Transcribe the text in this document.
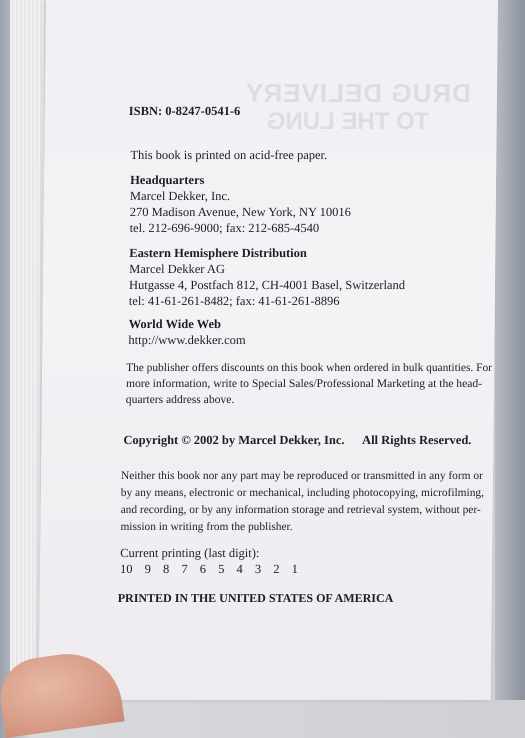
DRUG DELIVERY
TO THE LUNG
ISBN: 0-8247-0541-6
This book is printed on acid-free paper.
Headquarters
Marcel Dekker, Inc.
270 Madison Avenue, New York, NY 10016
tel. 212-696-9000; fax: 212-685-4540
Eastern Hemisphere Distribution
Marcel Dekker AG
Hutgasse 4, Postfach 812, CH-4001 Basel, Switzerland
tel: 41-61-261-8482; fax: 41-61-261-8896
World Wide Web
http://www.dekker.com
The publisher offers discounts on this book when ordered in bulk quantities. For
more information, write to Special Sales/Professional Marketing at the head-
quarters address above.
Copyright © 2002 by Marcel Dekker, Inc. All Rights Reserved.
Neither this book nor any part may be reproduced or transmitted in any form or
by any means, electronic or mechanical, including photocopying, microfilming,
and recording, or by any information storage and retrieval system, without per-
mission in writing from the publisher.
Current printing (last digit):
10 9 8 7 6 5 4 3 2 1
PRINTED IN THE UNITED STATES OF AMERICA
